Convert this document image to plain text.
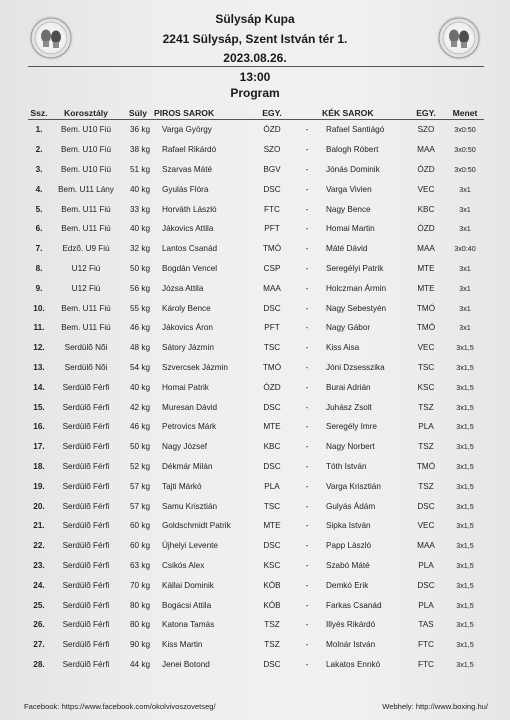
Sülysáp Kupa
2241 Sülysáp, Szent István tér 1.
2023.08.26.
13:00
Program
Ssz.	Korosztály	Súly	PIROS SAROK	EGY.		KÉK SAROK	EGY.	Menet
1.	Bem. U10 Fiú	36 kg	Varga György	ÓZD	-	Rafael Santiágó	SZO	3x0:50
2.	Bem. U10 Fiú	38 kg	Rafael Rikárdó	SZO	-	Balogh Róbert	MAA	3x0:50
3.	Bem. U10 Fiú	51 kg	Szarvas Máté	BGV	-	Jónás Dominik	ÓZD	3x0:50
4.	Bem. U11 Lány	40 kg	Gyulás Flóra	DSC	-	Varga Vivien	VEC	3x1
5.	Bem. U11 Fiú	33 kg	Horváth László	FTC	-	Nagy Bence	KBC	3x1
6.	Bem. U11 Fiú	40 kg	Jákovics Attila	PFT	-	Homai Martin	ÓZD	3x1
7.	Edzõ. U9 Fiú	32 kg	Lantos Csanád	TMÓ	-	Máté Dávid	MAA	3x0:40
8.	U12 Fiú	50 kg	Bogdán Vencel	CSP	-	Seregélyi Patrik	MTE	3x1
9.	U12 Fiú	56 kg	Józsa Attila	MAA	-	Holczman Ármin	MTE	3x1
10.	Bem. U11 Fiú	55 kg	Károly Bence	DSC	-	Nagy Sebestyén	TMÓ	3x1
11.	Bem. U11 Fiú	46 kg	Jákovics Áron	PFT	-	Nagy Gábor	TMÓ	3x1
12.	Serdülõ Nõi	48 kg	Sátory Jázmin	TSC	-	Kiss Aisa	VEC	3x1,5
13.	Serdülõ Nõi	54 kg	Szvercsek Jázmin	TMÓ	-	Jóni Dzsesszika	TSC	3x1,5
14.	Serdülõ Férfi	40 kg	Homai Patrik	ÓZD	-	Burai Adrián	KSC	3x1,5
15.	Serdülõ Férfi	42 kg	Muresan Dávid	DSC	-	Juhász Zsolt	TSZ	3x1,5
16.	Serdülõ Férfi	46 kg	Petrovics Márk	MTE	-	Seregély Imre	PLA	3x1,5
17.	Serdülõ Férfi	50 kg	Nagy József	KBC	-	Nagy Norbert	TSZ	3x1,5
18.	Serdülõ Férfi	52 kg	Dékmár Milán	DSC	-	Tóth István	TMÓ	3x1,5
19.	Serdülõ Férfi	57 kg	Tajti Márkó	PLA	-	Varga Krisztián	TSZ	3x1,5
20.	Serdülõ Férfi	57 kg	Samu Krisztián	TSC	-	Gulyás Ádám	DSC	3x1,5
21.	Serdülõ Férfi	60 kg	Goldschmidt Patrik	MTE	-	Sipka István	VEC	3x1,5
22.	Serdülõ Férfi	60 kg	Újhelyi Levente	DSC	-	Papp László	MAA	3x1,5
23.	Serdülõ Férfi	63 kg	Csikós Alex	KSC	-	Szabó Máté	PLA	3x1,5
24.	Serdülõ Férfi	70 kg	Kállai Dominik	KÓB	-	Demkó Erik	DSC	3x1,5
25.	Serdülõ Férfi	80 kg	Bogácsi Attila	KÓB	-	Farkas Csanád	PLA	3x1,5
26.	Serdülõ Férfi	80 kg	Katona Tamás	TSZ	-	Illyés Rikárdó	TAS	3x1,5
27.	Serdülõ Férfi	90 kg	Kiss Martin	TSZ	-	Molnár István	FTC	3x1,5
28.	Serdülõ Férfi	44 kg	Jenei Botond	DSC	-	Lakatos Ennkó	FTC	3x1,5
Facebook: https://www.facebook.com/okolvivoszovetseg/	Webhely: http://www.boxing.hu/
